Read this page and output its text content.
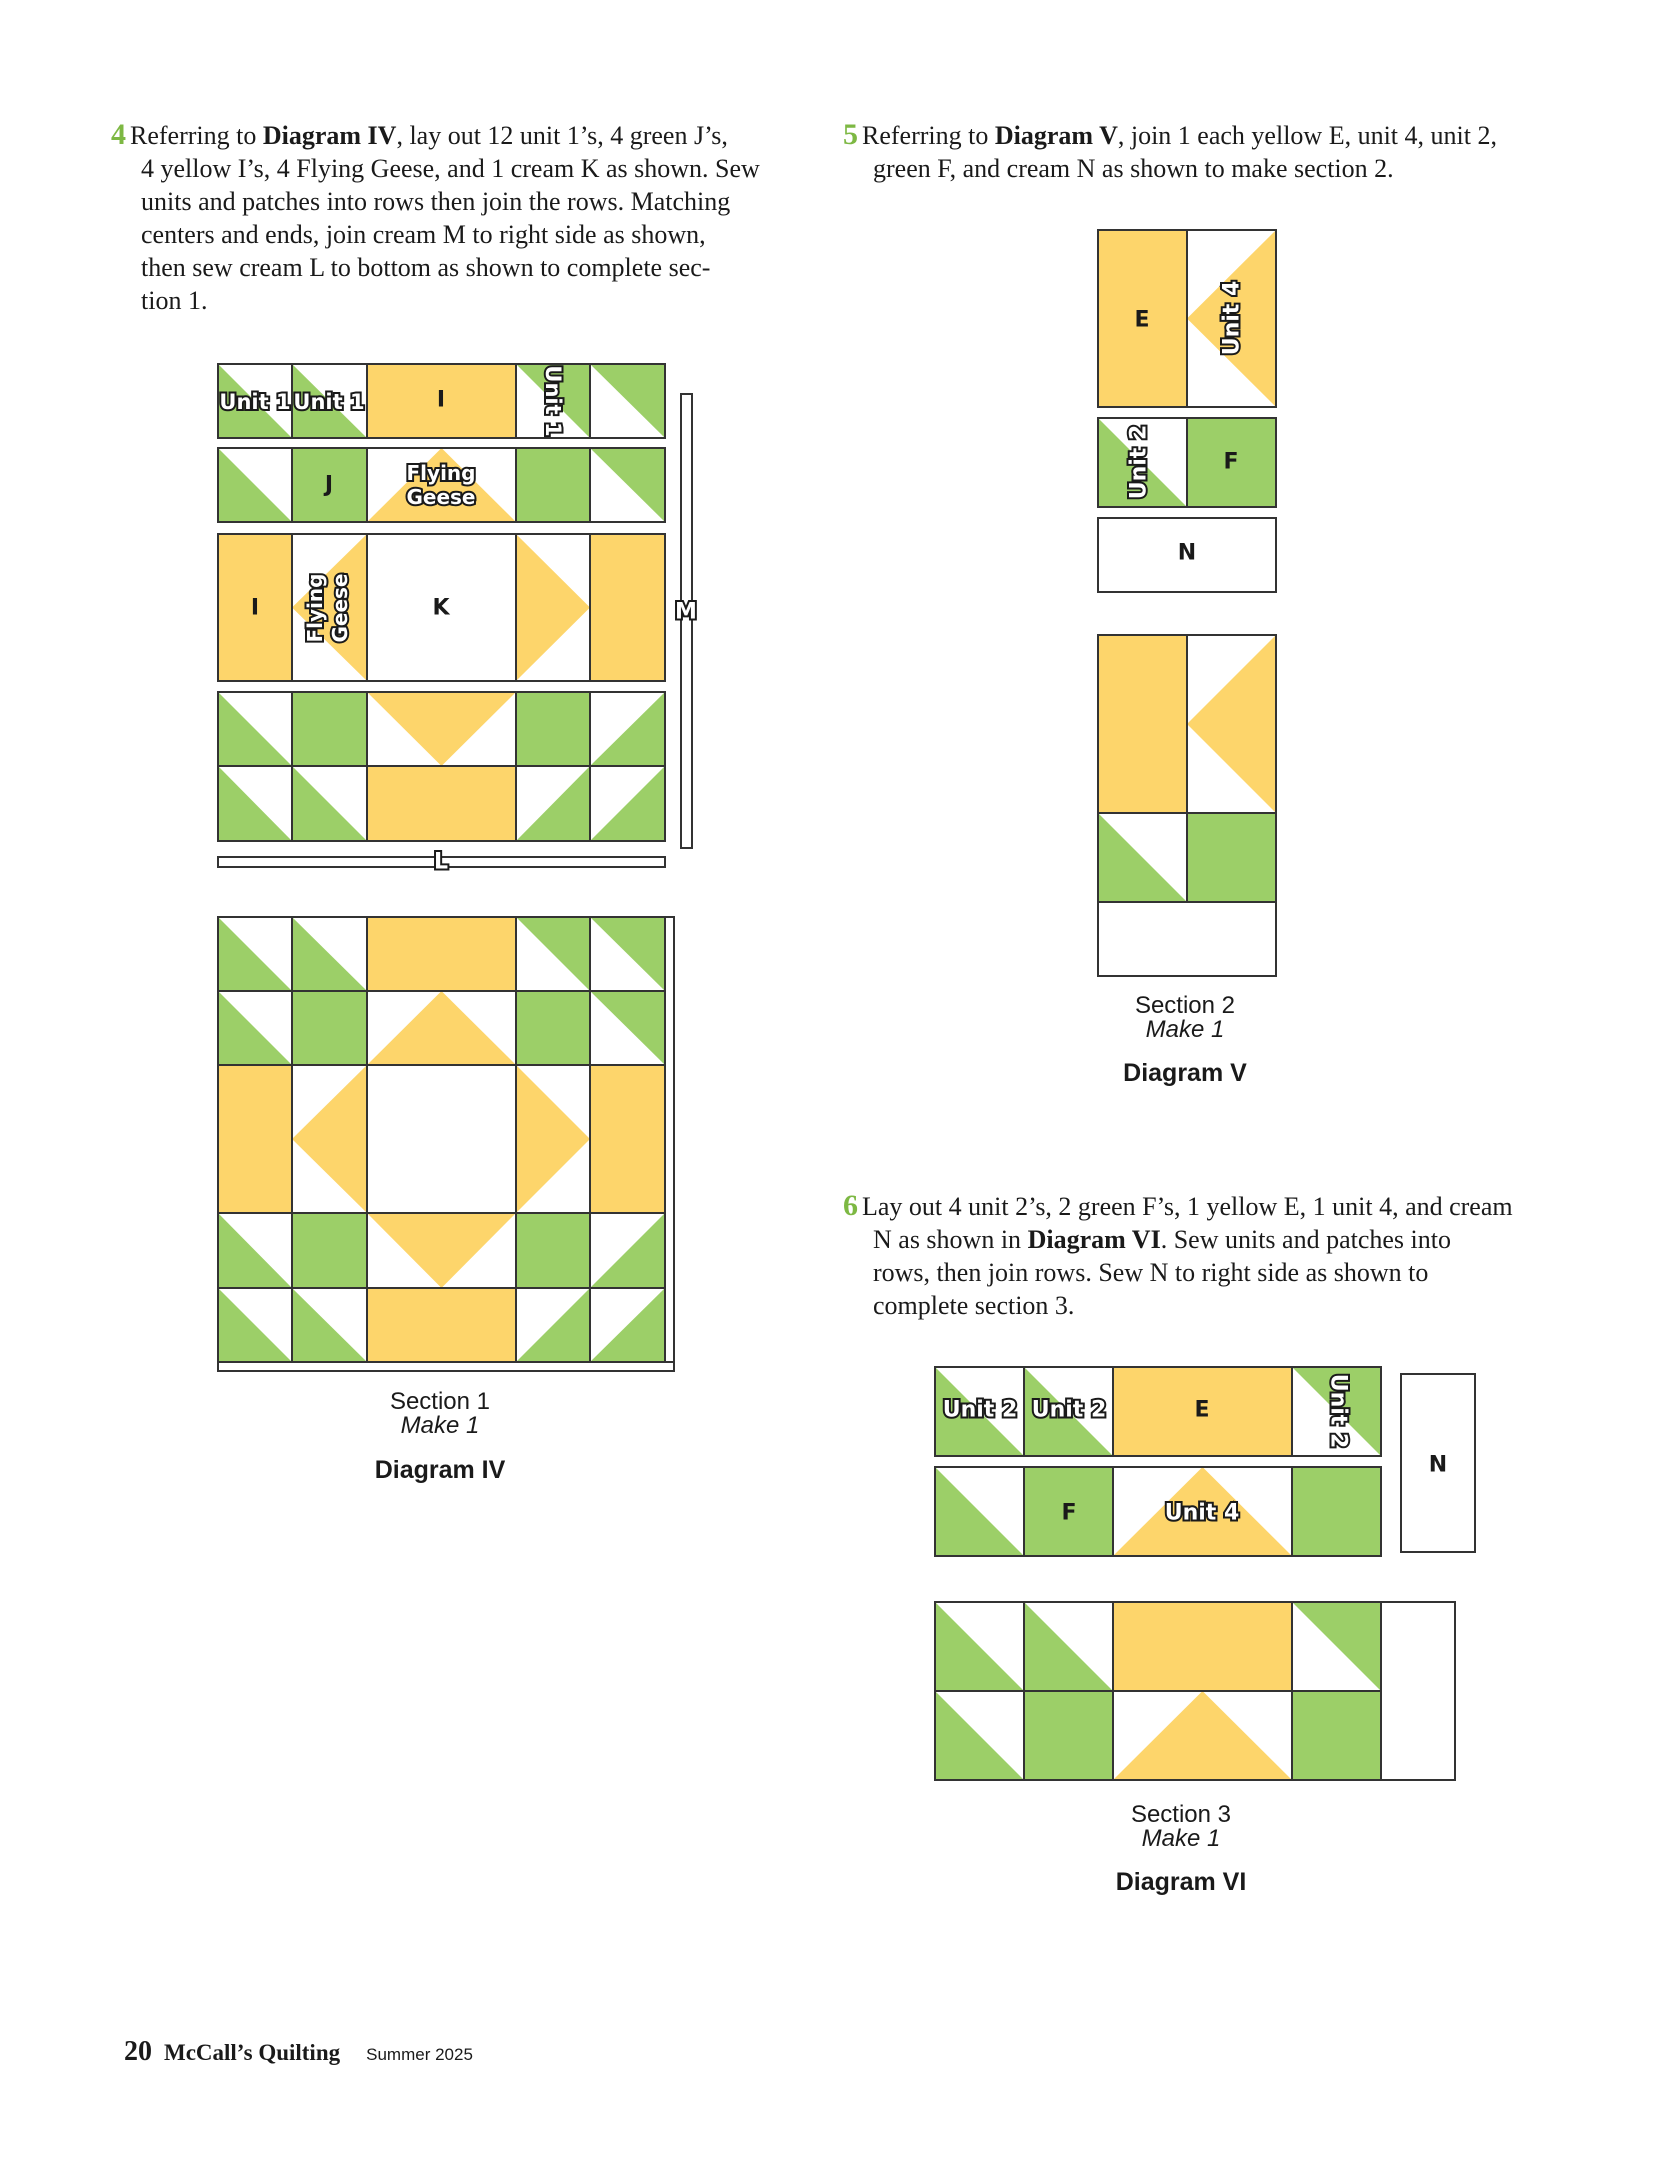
4 Referring to Diagram IV, lay out 12 unit 1’s, 4 green J’s,
4 yellow I’s, 4 Flying Geese, and 1 cream K as shown. Sew
units and patches into rows then join the rows. Matching
centers and ends, join cream M to right side as shown,
then sew cream L to bottom as shown to complete sec-
tion 1.
5 Referring to Diagram V, join 1 each yellow E, unit 4, unit 2,
green F, and cream N as shown to make section 2.
6 Lay out 4 unit 2’s, 2 green F’s, 1 yellow E, 1 unit 4, and cream
N as shown in Diagram VI. Sew units and patches into
rows, then join rows. Sew N to right side as shown to
complete section 3.
Unit 1 Unit 1	I	Unit 1
J	Flying
Geese
I Flying Geese	K	M
L
E	Unit 4
Unit 2	F
N
Unit 2 Unit 2	E	Unit 2
F	Unit 4
N
Section 1
Make 1
Diagram IV
Section 2
Make 1
Diagram V
Section 3
Make 1
Diagram VI
20 McCall’s Quilting Summer 2025
